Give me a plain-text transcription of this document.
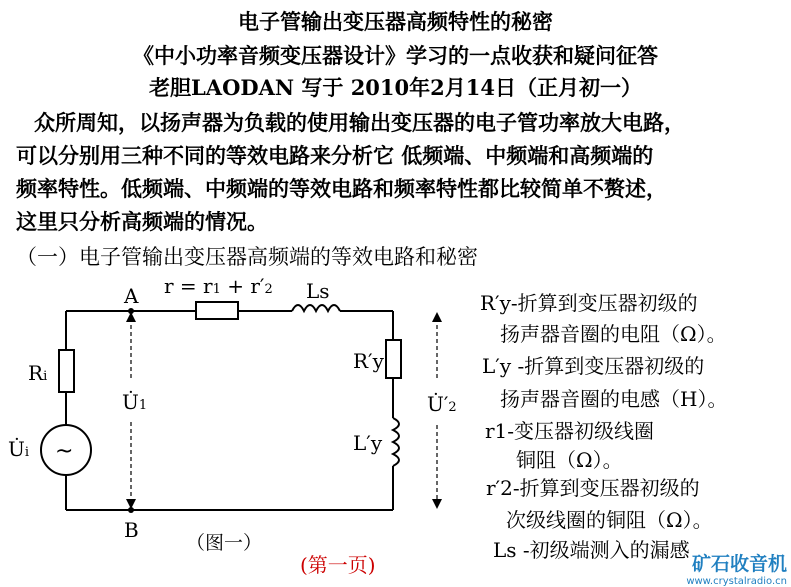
电子管输出变压器高频特性的秘密
《中小功率音频变压器设计》学习的一点收获和疑问征答
老胆LAODAN 写于 2010年2月14日（正月初一）
众所周知，以扬声器为负载的使用输出变压器的电子管功率放大电路，
可以分别用三种不同的等效电路来分析它 低频端、中频端和高频端的
频率特性。低频端、中频端的等效电路和频率特性都比较简单不赘述，
这里只分析高频端的情况。
（一）电子管输出变压器高频端的等效电路和秘密
~
A
B
r = r1 + r′2 Ls
Ri
U̇i
U̇1
R′y
L′y
U̇′2
（图一）
R′y-折算到变压器初级的
扬声器音圈的电阻（Ω）。
L′y -折算到变压器初级的
扬声器音圈的电感（H）。
r1-变压器初级线圈
铜阻（Ω）。
r′2-折算到变压器初级的
次级线圈的铜阻（Ω）。
Ls -初级端测入的漏感
(第一页)	矿石收音机
www.crystalradio.cn
